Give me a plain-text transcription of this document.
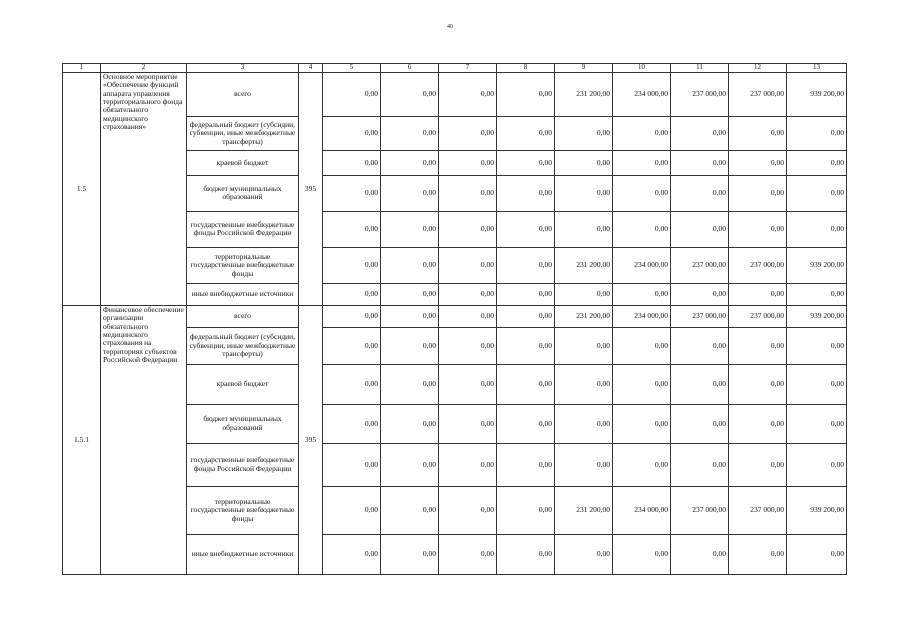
40
1	2	3	4	5	6	7	8	9	10	11	12	13
1.5	Основное мероприятие «Обеспечение функций аппарата управления территориального фонда обязательного медицинского страхования»	всего	395	0,00	0,00	0,00	0,00	231 200,00	234 000,00	237 000,00	237 000,00	939 200,00
		федеральный бюджет (субсидии, субвенции, иные межбюджетные трансферты)		0,00	0,00	0,00	0,00	0,00	0,00	0,00	0,00	0,00
		краевой бюджет		0,00	0,00	0,00	0,00	0,00	0,00	0,00	0,00	0,00
		бюджет муниципальных образований		0,00	0,00	0,00	0,00	0,00	0,00	0,00	0,00	0,00
		государственные внебюджетные фонды Российской Федерации		0,00	0,00	0,00	0,00	0,00	0,00	0,00	0,00	0,00
		территориальные государственные внебюджетные фонды		0,00	0,00	0,00	0,00	231 200,00	234 000,00	237 000,00	237 000,00	939 200,00
		иные внебюджетные источники		0,00	0,00	0,00	0,00	0,00	0,00	0,00	0,00	0,00
1.5.1	Финансовое обеспечение организации обязательного медицинского страхования на территориях субъектов Российской Федерации	всего	395	0,00	0,00	0,00	0,00	231 200,00	234 000,00	237 000,00	237 000,00	939 200,00
		федеральный бюджет (субсидии, субвенции, иные межбюджетные трансферты)		0,00	0,00	0,00	0,00	0,00	0,00	0,00	0,00	0,00
		краевой бюджет		0,00	0,00	0,00	0,00	0,00	0,00	0,00	0,00	0,00
		бюджет муниципальных образований		0,00	0,00	0,00	0,00	0,00	0,00	0,00	0,00	0,00
		государственные внебюджетные фонды Российской Федерации		0,00	0,00	0,00	0,00	0,00	0,00	0,00	0,00	0,00
		территориальные государственные внебюджетные фонды		0,00	0,00	0,00	0,00	231 200,00	234 000,00	237 000,00	237 000,00	939 200,00
		иные внебюджетные источники		0,00	0,00	0,00	0,00	0,00	0,00	0,00	0,00	0,00
